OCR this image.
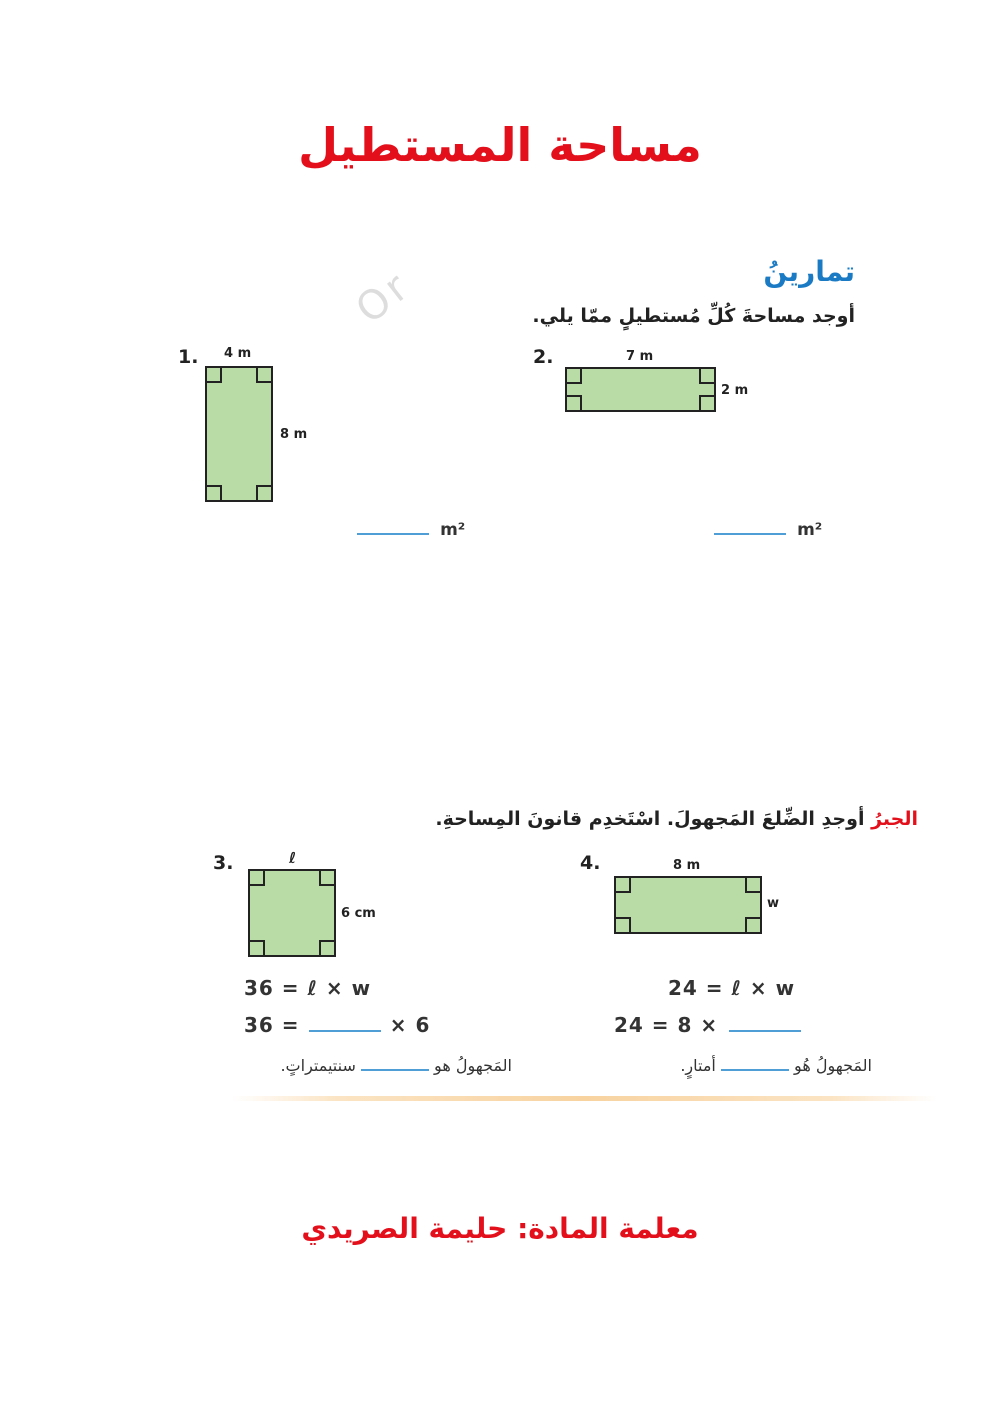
مساحة المستطيل
Or	تمارينُ
أوجد مساحةَ كُلِّ مُستطيلٍ ممّا يلي.
1. 4 m
8 m
m²
2.	7 m
2 m
m²
الجبرُ أوجدِ الضِّلعَ المَجهولَ. اسْتَخدِم قانونَ المِساحةِ.
3.	ℓ
6 cm
36 = ℓ × w
36 =	× 6
المَجهولُ هو  سنتيمتراتٍ.
4.	8 m
w
24 = ℓ × w
24 = 8 ×
المَجهولُ هُو  أمتارٍ.
معلمة المادة: حليمة الصريدي
